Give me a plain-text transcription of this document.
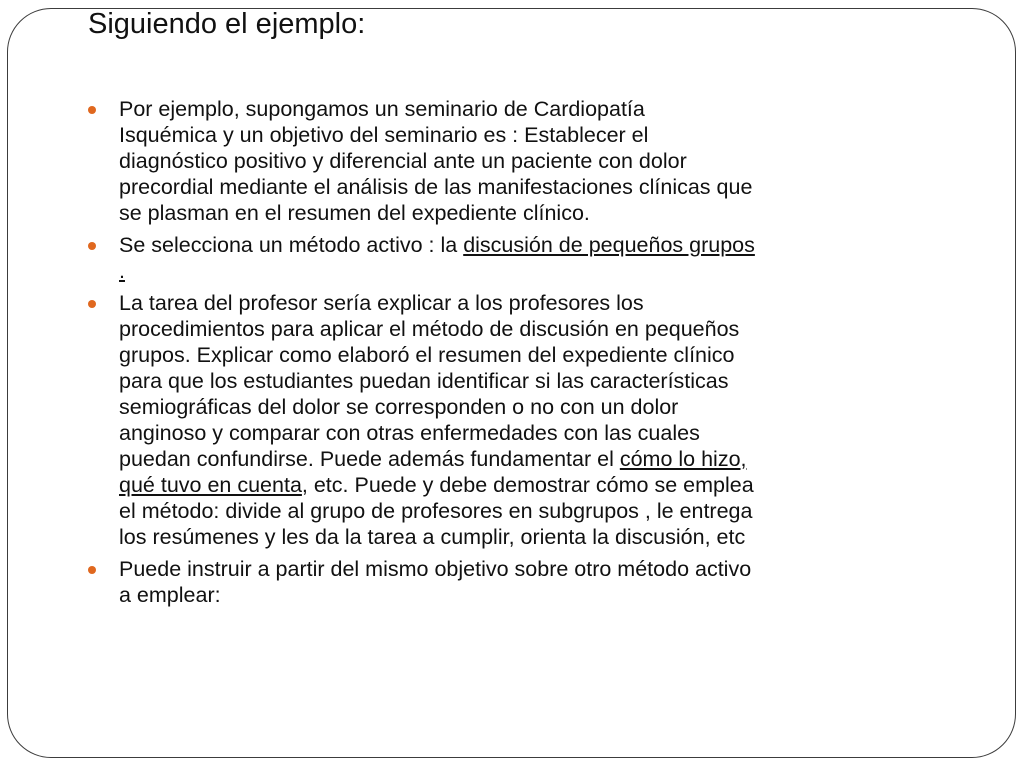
Siguiendo el ejemplo:
Por ejemplo, supongamos un seminario de Cardiopatía
Isquémica y un objetivo del seminario es : Establecer el
diagnóstico positivo y diferencial ante un paciente con dolor
precordial mediante el análisis de las manifestaciones clínicas que
se plasman en el resumen del expediente clínico.
Se selecciona un método activo : la discusión de pequeños grupos
.
La tarea del profesor sería explicar a los profesores los
procedimientos para aplicar el método de discusión en pequeños
grupos. Explicar como elaboró el resumen del expediente clínico
para que los estudiantes puedan identificar si las características
semiográficas del dolor se corresponden o no con un dolor
anginoso y comparar con otras enfermedades con las cuales
puedan confundirse. Puede además fundamentar el cómo lo hizo,
qué tuvo en cuenta, etc. Puede y debe demostrar cómo se emplea
el método: divide al grupo de profesores en subgrupos , le entrega
los resúmenes y les da la tarea a cumplir, orienta la discusión, etc
Puede instruir a partir del mismo objetivo sobre otro método activo
a emplear:
